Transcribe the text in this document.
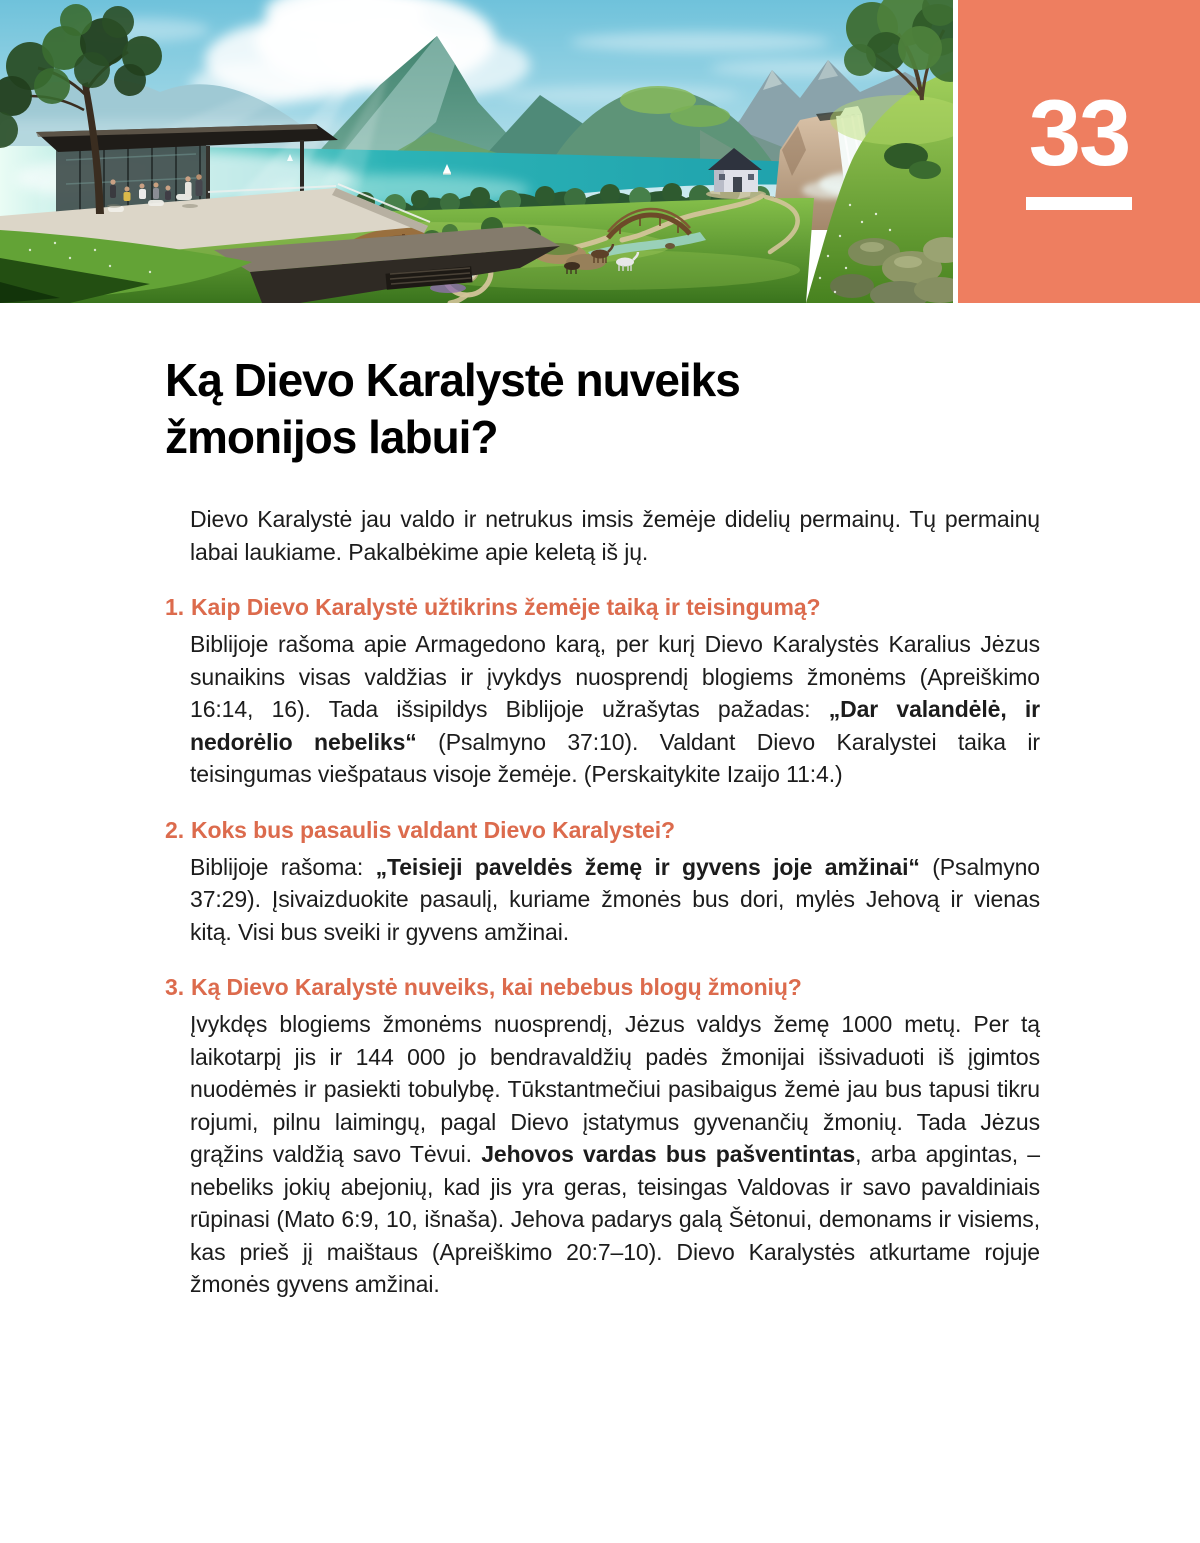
33
Ką Dievo Karalystė nuveiks žmonijos labui?

Dievo Karalystė jau valdo ir netrukus imsis žemėje didelių permainų. Tų permainų labai laukiame. Pakalbėkime apie keletą iš jų.

1. Kaip Dievo Karalystė užtikrins žemėje taiką ir teisingumą?

Biblijoje rašoma apie Armagedono karą, per kurį Dievo Karalystės Karalius Jėzus sunaikins visas valdžias ir įvykdys nuosprendį blogiems žmonėms (Apreiškimo 16:14, 16). Tada išsipildys Biblijoje užrašytas pažadas: „Dar valandėlė, ir nedorėlio nebeliks“ (Psalmyno 37:10). Valdant Dievo Karalystei taika ir teisingumas viešpataus visoje žemėje. (Perskaitykite Izaijo 11:4.)

2. Koks bus pasaulis valdant Dievo Karalystei?

Biblijoje rašoma: „Teisieji paveldės žemę ir gyvens joje amžinai“ (Psalmyno 37:29). Įsivaizduokite pasaulį, kuriame žmonės bus dori, mylės Jehovą ir vienas kitą. Visi bus sveiki ir gyvens amžinai.

3. Ką Dievo Karalystė nuveiks, kai nebebus blogų žmonių?

Įvykdęs blogiems žmonėms nuosprendį, Jėzus valdys žemę 1000 metų. Per tą laikotarpį jis ir 144 000 jo bendravaldžių padės žmonijai išsivaduoti iš įgimtos nuodėmės ir pasiekti tobulybę. Tūkstantmečiui pasibaigus žemė jau bus tapusi tikru rojumi, pilnu laimingų, pagal Dievo įstatymus gyvenančių žmonių. Tada Jėzus grąžins valdžią savo Tėvui. Jehovos vardas bus pašventintas, arba apgintas, – nebeliks jokių abejonių, kad jis yra geras, teisingas Valdovas ir savo pavaldiniais rūpinasi (Mato 6:9, 10, išnaša). Jehova padarys galą Šėtonui, demonams ir visiems, kas prieš jį maištaus (Apreiškimo 20:7–10). Dievo Karalystės atkurtame rojuje žmonės gyvens amžinai.
